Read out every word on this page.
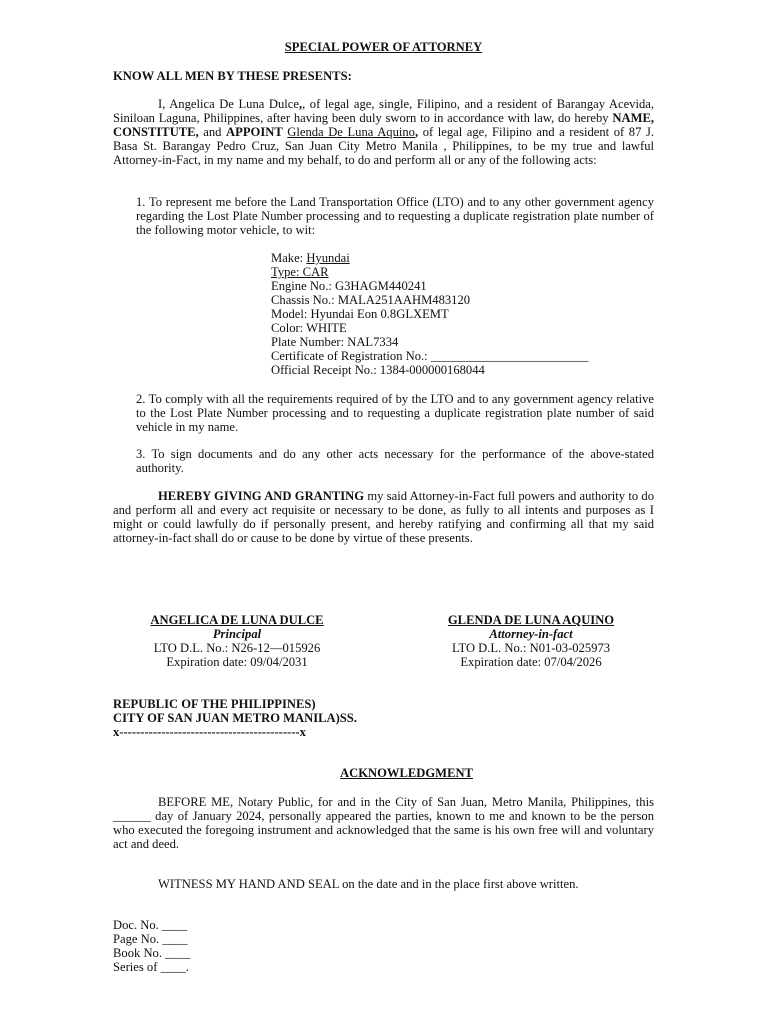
SPECIAL POWER OF ATTORNEY
KNOW ALL MEN BY THESE PRESENTS:

I, Angelica De Luna Dulce,, of legal age, single, Filipino, and a resident of Barangay Acevida, Siniloan Laguna, Philippines, after having been duly sworn to in accordance with law, do hereby NAME, CONSTITUTE, and APPOINT Glenda De Luna Aquino, of legal age, Filipino and a resident of 87 J. Basa St. Barangay Pedro Cruz, San Juan City Metro Manila , Philippines, to be my true and lawful Attorney-in-Fact, in my name and my behalf, to do and perform all or any of the following acts:

1. To represent me before the Land Transportation Office (LTO) and to any other government agency regarding the Lost Plate Number processing and to requesting a duplicate registration plate number of the following motor vehicle, to wit:

Make: Hyundai
Type: CAR
Engine No.: G3HAGM440241
Chassis No.: MALA251AAHM483120
Model: Hyundai Eon 0.8GLXEMT
Color: WHITE
Plate Number: NAL7334
Certificate of Registration No.: _________________________
Official Receipt No.: 1384-000000168044

2. To comply with all the requirements required of by the LTO and to any government agency relative to the Lost Plate Number processing and to requesting a duplicate registration plate number of said vehicle in my name.

3. To sign documents and do any other acts necessary for the performance of the above-stated authority.

HEREBY GIVING AND GRANTING my said Attorney-in-Fact full powers and authority to do and perform all and every act requisite or necessary to be done, as fully to all intents and purposes as I might or could lawfully do if personally present, and hereby ratifying and confirming all that my said attorney-in-fact shall do or cause to be done by virtue of these presents.

ANGELICA DE LUNA DULCE
Principal
LTO D.L. No.: N26-12—015926
Expiration date: 09/04/2031
GLENDA DE LUNA AQUINO
Attorney-in-fact
LTO D.L. No.: N01-03-025973
Expiration date: 07/04/2026
REPUBLIC OF THE PHILIPPINES)
CITY OF SAN JUAN METRO MANILA)SS.
x-------------------------------------------x
ACKNOWLEDGMENT

BEFORE ME, Notary Public, for and in the City of San Juan, Metro Manila, Philippines, this ______ day of January 2024, personally appeared the parties, known to me and known to be the person who executed the foregoing instrument and acknowledged that the same is his own free will and voluntary act and deed.

WITNESS MY HAND AND SEAL on the date and in the place first above written.

Doc. No. ____
Page No. ____
Book No. ____
Series of ____.
